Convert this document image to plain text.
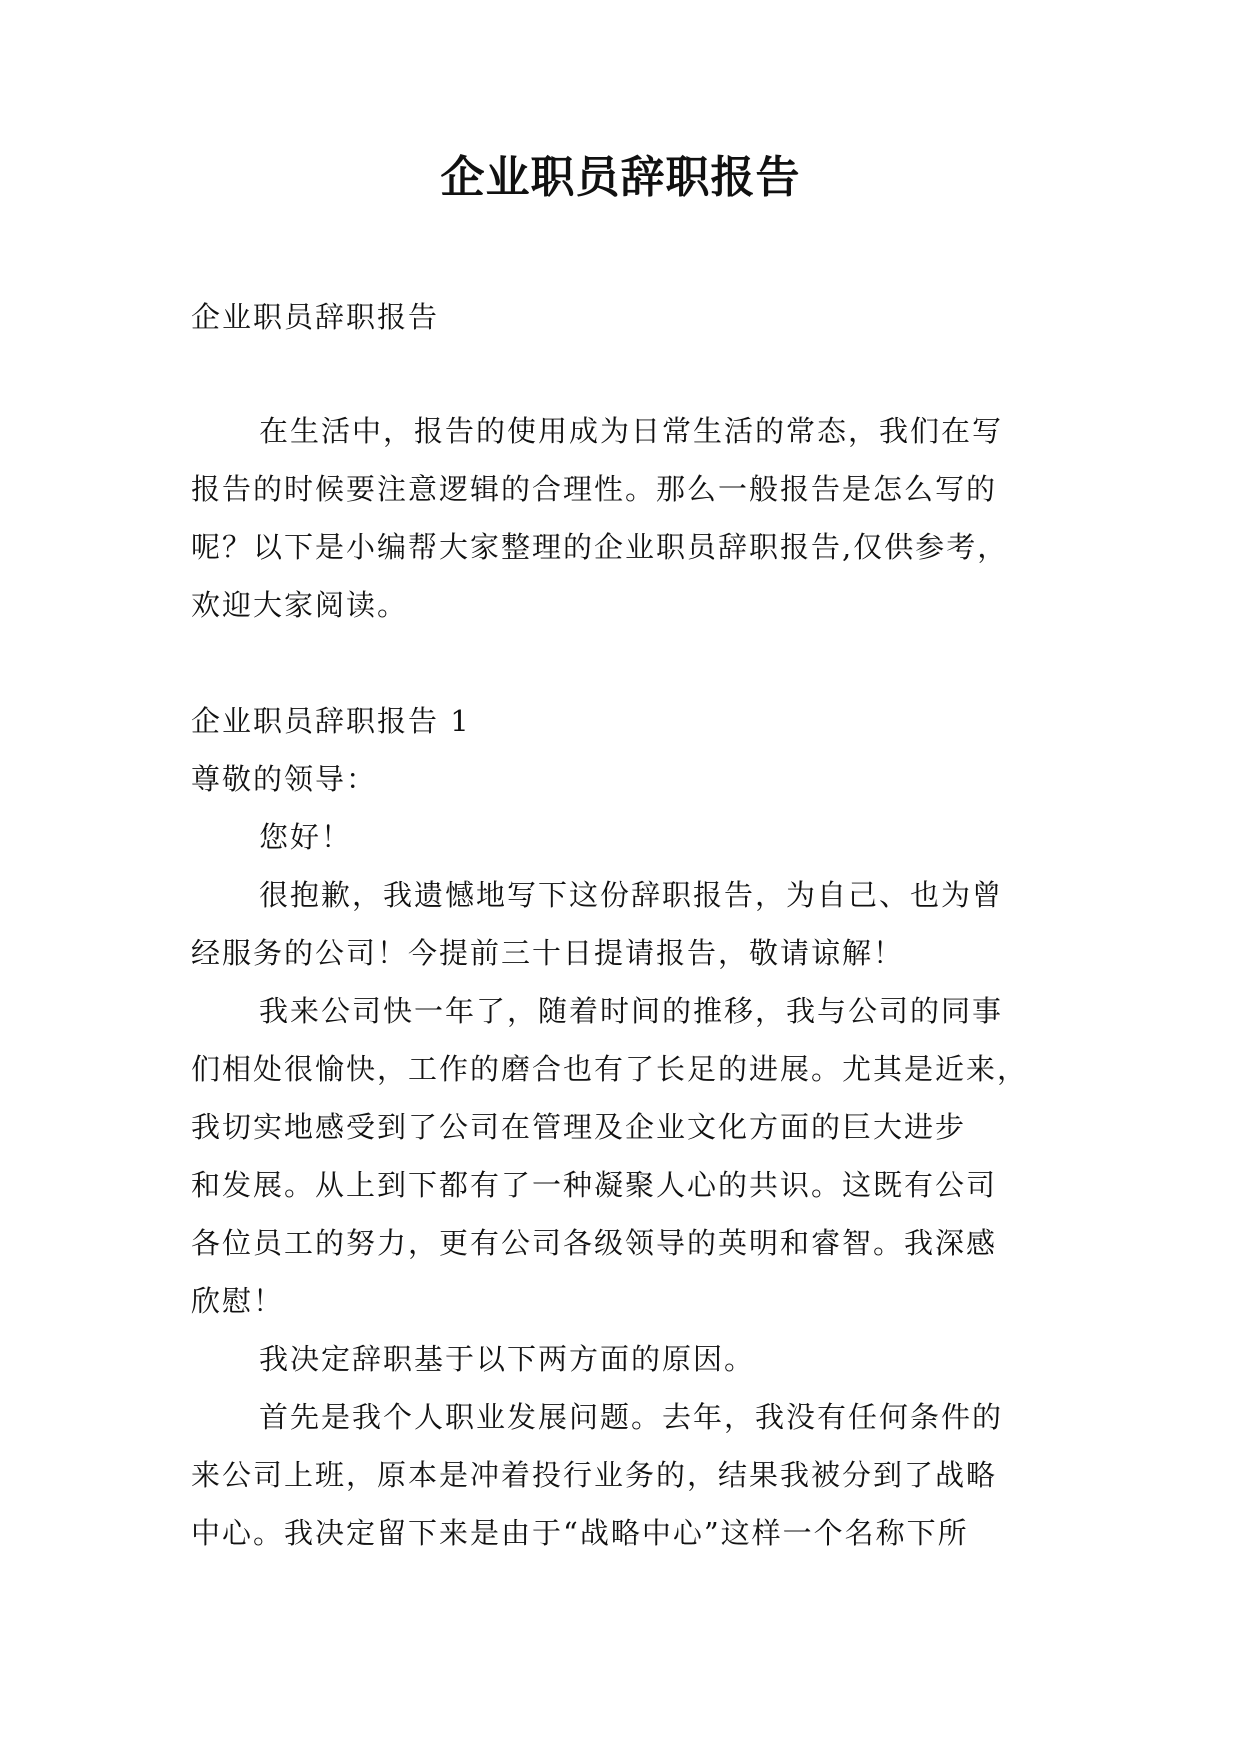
企业职员辞职报告
企业职员辞职报告
在生活中，报告的使用成为日常生活的常态，我们在写
报告的时候要注意逻辑的合理性。那么一般报告是怎么写的
呢？以下是小编帮大家整理的企业职员辞职报告,仅供参考，
欢迎大家阅读。
企业职员辞职报告 1
尊敬的领导：
您好！
很抱歉，我遗憾地写下这份辞职报告，为自己、也为曾
经服务的公司！今提前三十日提请报告，敬请谅解！
我来公司快一年了，随着时间的推移，我与公司的同事
们相处很愉快，工作的磨合也有了长足的进展。尤其是近来，
我切实地感受到了公司在管理及企业文化方面的巨大进步
和发展。从上到下都有了一种凝聚人心的共识。这既有公司
各位员工的努力，更有公司各级领导的英明和睿智。我深感
欣慰！
我决定辞职基于以下两方面的原因。
首先是我个人职业发展问题。去年，我没有任何条件的
来公司上班，原本是冲着投行业务的，结果我被分到了战略
中心。我决定留下来是由于“战略中心”这样一个名称下所
